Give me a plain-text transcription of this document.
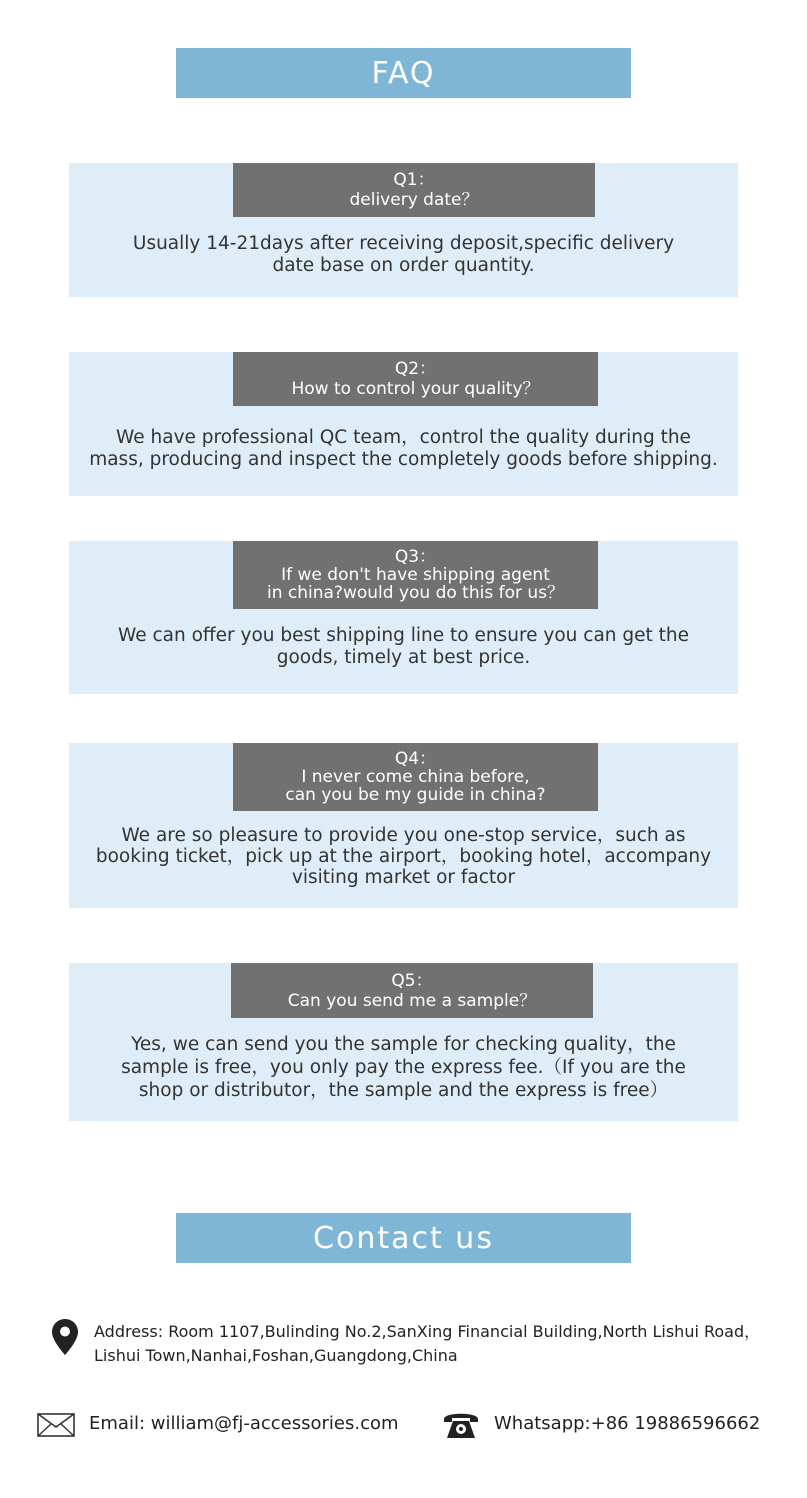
FAQ
Q1：
delivery date？
Usually 14-21days after receiving deposit,specific delivery
date base on order quantity.
Q2：
How to control your quality？
We have professional QC team，control the quality during the
mass, producing and inspect the completely goods before shipping.
Q3：
If we don't have shipping agent
in china?would you do this for us？
We can offer you best shipping line to ensure you can get the
goods, timely at best price.
Q4：
I never come china before,
can you be my guide in china?
We are so pleasure to provide you one-stop service，such as
booking ticket，pick up at the airport，booking hotel，accompany
visiting market or factor
Q5：
Can you send me a sample？
Yes, we can send you the sample for checking quality，the
sample is free，you only pay the express fee.（If you are the
shop or distributor，the sample and the express is free）
Contact us
Address: Room 1107,Bulinding No.2,SanXing Financial Building,North Lishui Road，
Lishui Town,Nanhai,Foshan,Guangdong,China
Email: william@fj-accessories.com	Whatsapp:+86 19886596662
